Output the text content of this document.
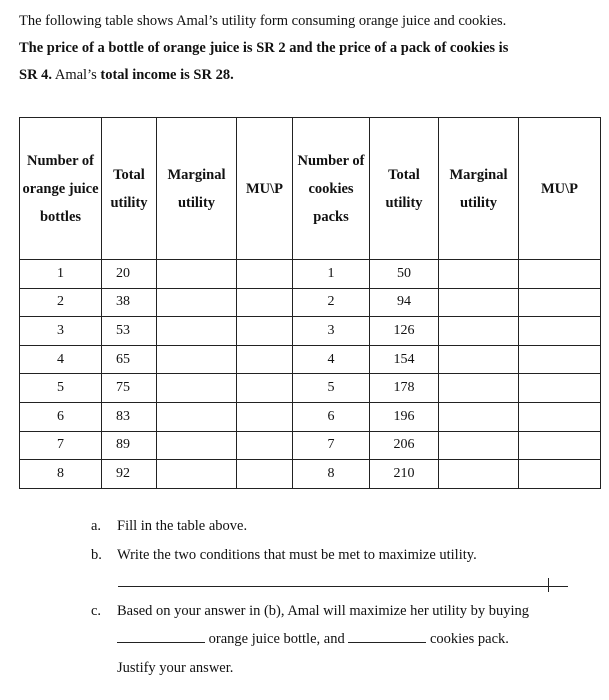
The following table shows Amal’s utility form consuming orange juice and cookies.

The price of a bottle of orange juice is SR 2 and the price of a pack of cookies is

SR 4. Amal’s total income is SR 28.

Number of orange juice bottles	Total utility	Marginal utility	MU\P	Number of cookies packs	Total utility	Marginal utility	MU\P
1	20			1	50		
2	38			2	94		
3	53			3	126		
4	65			4	154		
5	75			5	178		
6	83			6	196		
7	89			7	206		
8	92			8	210		
a. Fill in the table above.
b. Write the two conditions that must be met to maximize utility.
c. Based on your answer in (b), Amal will maximize her utility by buying
orange juice bottle, and	cookies pack.
Justify your answer.
